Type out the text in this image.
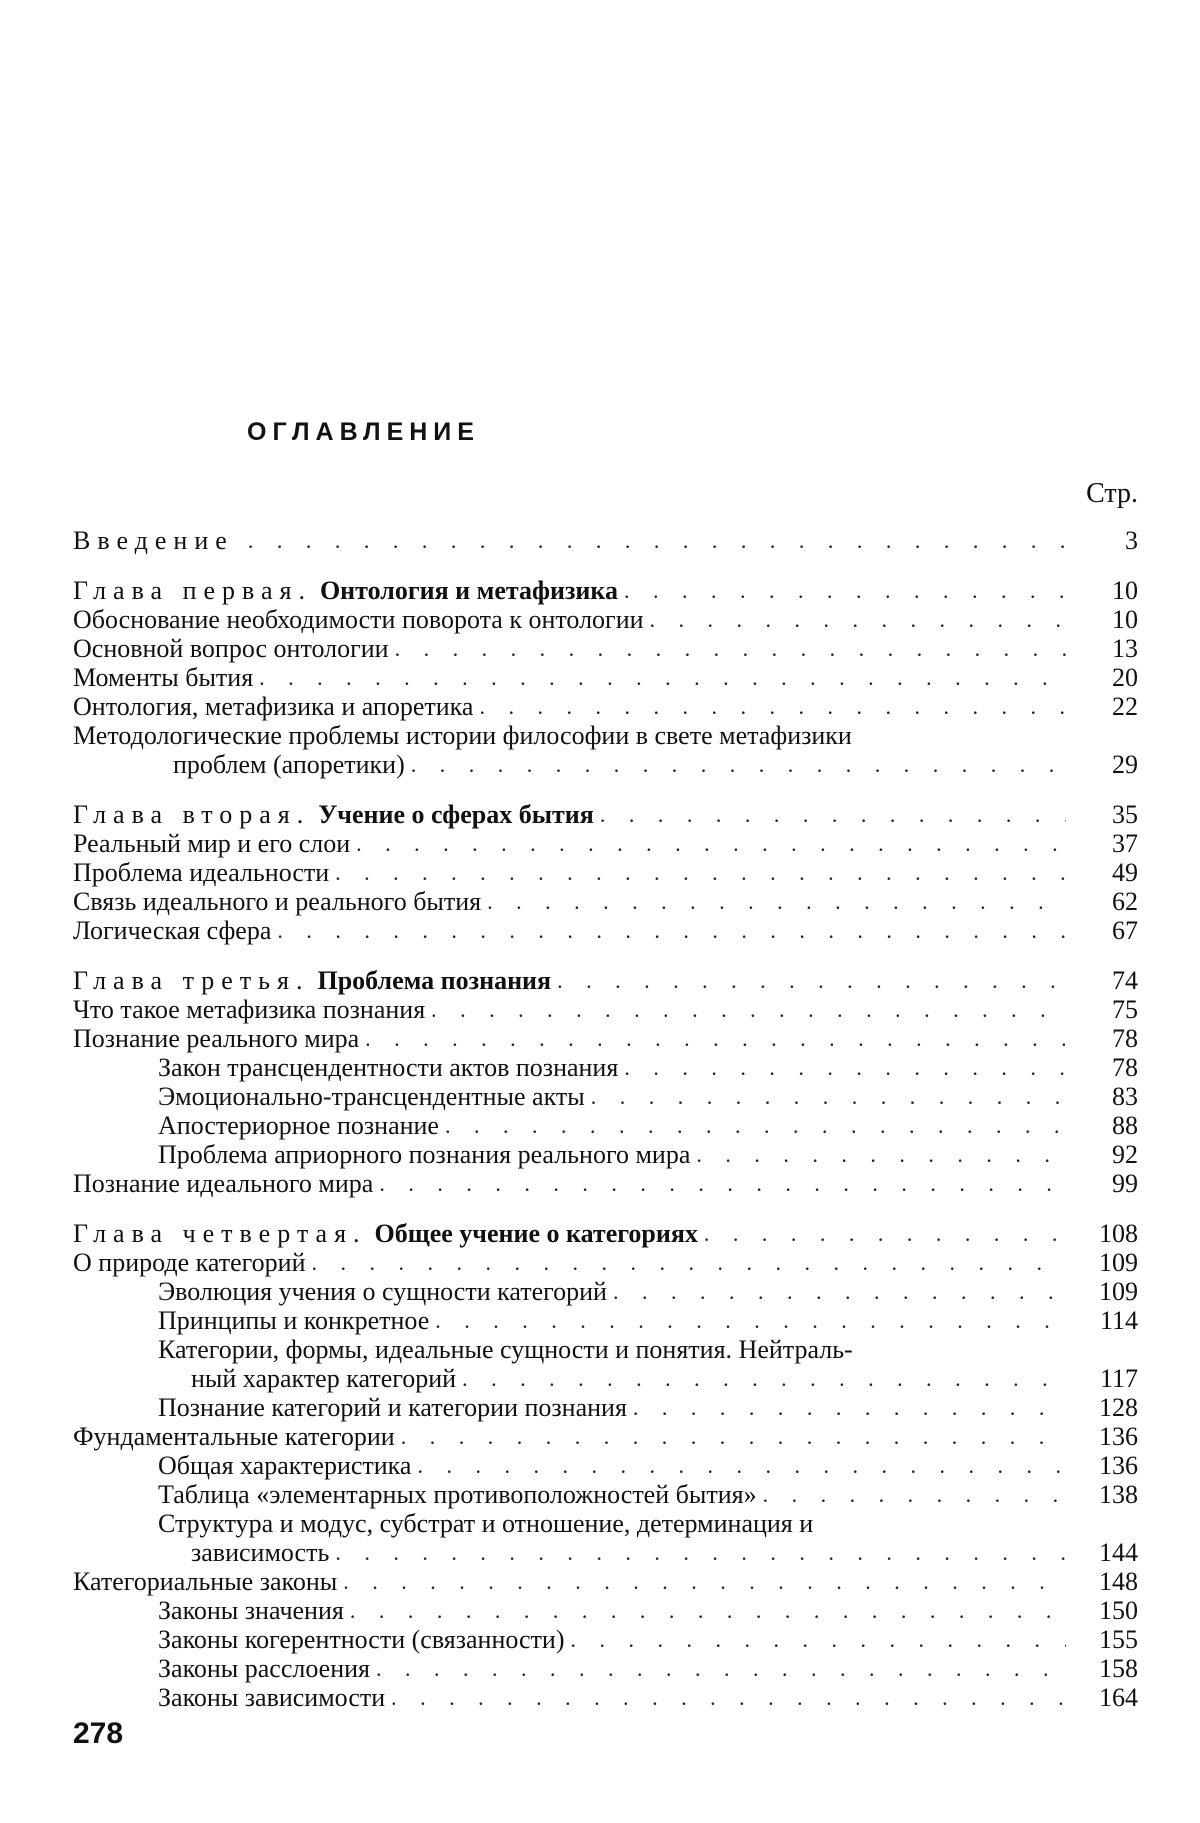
ОГЛАВЛЕНИЕ
Стр.
Введение . . .	3
Глава первая. Онтология и метафизика . . .	10
Обоснование необходимости поворота к онтологии . . .	10
Основной вопрос онтологии . . .	13
Моменты бытия . . .	20
Онтология, метафизика и апоретика . . .	22
Методологические проблемы истории философии в свете метафизики
проблем (апоретики) . . .	29
Глава вторая. Учение о сферах бытия . . .	35
Реальный мир и его слои . . .	37
Проблема идеальности . . .	49
Связь идеального и реального бытия . . .	62
Логическая сфера . . .	67
Глава третья. Проблема познания . . .	74
Что такое метафизика познания . . .	75
Познание реального мира . . .	78
Закон трансцендентности актов познания . . .	78
Эмоционально-трансцендентные акты . . .	83
Апостериорное познание . . .	88
Проблема априорного познания реального мира . . .	92
Познание идеального мира . . .	99
Глава четвертая. Общее учение о категориях . . .	108
О природе категорий . . .	109
Эволюция учения о сущности категорий . . .	109
Принципы и конкретное . . .	114
Категории, формы, идеальные сущности и понятия. Нейтраль-
ный характер категорий . . .	117
Познание категорий и категории познания . . .	128
Фундаментальные категории . . .	136
Общая характеристика . . .	136
Таблица «элементарных противоположностей бытия» . . .	138
Структура и модус, субстрат и отношение, детерминация и
зависимость . . .	144
Категориальные законы . . .	148
Законы значения . . .	150
Законы когерентности (связанности) . . .	155
Законы расслоения . . .	158
Законы зависимости . . .	164
278
